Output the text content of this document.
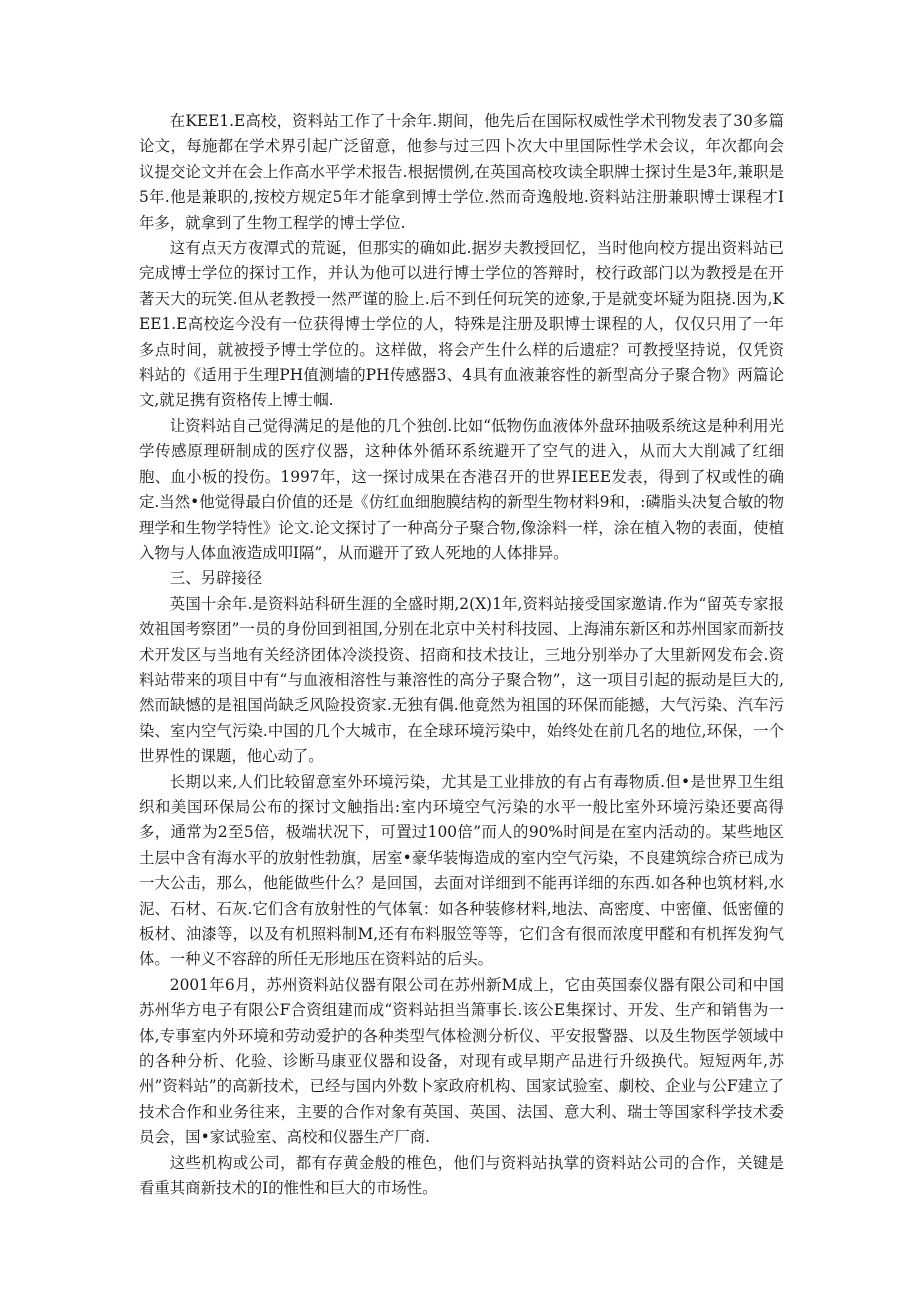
在KEE1.E高校，资料站工作了十余年.期间，他先后在国际权威性学术刊物发表了30多篇论文，每施都在学术界引起广泛留意，他参与过三四卜次大中里国际性学术会议，年次都向会议提交论文并在会上作高水平学术报告.根据惯例,在英国高校攻读全职牌士探讨生是3年,兼职是5年.他是兼职的,按校方规定5年才能拿到博士学位.然而奇逸般地.资料站注册兼职博士课程才I年多，就拿到了生物工程学的博士学位.

这有点天方夜潭式的荒诞，但那实的确如此.据岁夫教授回忆，当时他向校方提出资料站已完成博士学位的探讨工作，并认为他可以进行博士学位的答辩时，校行政部门以为教授是在开著天大的玩笑.但从老教授一然严谨的脸上.后不到任何玩笑的迹象,于是就变坏疑为阻挠.因为,KEE1.E高校迄今没有一位获得博士学位的人，特殊是注册及职博士课程的人，仅仅只用了一年多点时间，就被授予博士学位的。这样做，将会产生什么样的后遗症？可教授坚持说，仅凭资料站的《适用于生理PH值测墙的PH传感器3、4具有血液兼容性的新型高分子聚合物》两篇论文,就足携有资格传上博士帼.

让资料站自己觉得满足的是他的几个独创.比如“低物伤血液体外盘环抽吸系统这是种利用光学传感原理研制成的医疗仪器，这种体外循环系统避开了空气的进入，从而大大削减了红细胞、血小板的投伤。1997年，这一探讨成果在杏港召开的世界IEEE发表，得到了权或性的确定.当然•他觉得最白价值的还是《仿红血细胞膜结构的新型生物材料9和，:磷脂头决复合敏的物理学和生物学特性》论文.论文探讨了一种高分子聚合物,像涂料一样，涂在植入物的表面，使植入物与人体血液造成叩I隔”，从而避开了致人死地的人体排异。

三、另辟接径

英国十余年.是资料站科研生涯的全盛时期,2(X)1年,资料站接受国家邀请.作为“留英专家报效祖国考察团”一员的身份回到祖国,分别在北京中关村科技园、上海浦东新区和苏州国家而新技术开发区与当地有关经济团体冷淡投资、招商和技术技让，三地分别举办了大里新网发布会.资料站带来的项目中有“与血液相溶性与兼溶性的高分子聚合物”，这一项目引起的振动是巨大的,然而缺憾的是祖国尚缺乏风险投资家.无独有偶.他竟然为祖国的环保而能撼，大气污染、汽车污染、室内空气污染.中国的几个大城市，在全球环境污染中，始终处在前几名的地位,环保，一个世界性的课题，他心动了。

长期以来,人们比较留意室外环境污染，尤其是工业排放的有占有毒物质.但•是世界卫生组织和美国环保局公布的探讨文触指出:室内环境空气污染的水平一般比室外环境污染还要高得多，通常为2至5倍，极端状况下，可置过100倍”而人的90%时间是在室内活动的。某些地区土层中含有海水平的放射性勃旗，居室•豪华装悔造成的室内空气污染，不良建筑综合疥已成为一大公击，那么，他能做些什么？是回国，去面对详细到不能再详细的东西.如各种也筑材料,水泥、石材、石灰.它们含有放射性的气体氧：如各种装修材料,地法、高密度、中密僮、低密僮的板材、油漆等，以及有机照料制M,还有布料服笠等等，它们含有很而浓度甲醛和有机挥发狗气体。一种义不容辞的所任无形地压在资料站的后头。

2001年6月，苏州资料站仪器有限公司在苏州新M成上，它由英国泰仪器有限公司和中国苏州华方电子有限公F合资组建而成“资料站担当箫事长.该公E集探讨、开发、生产和销售为一体,专事室内外环境和劳动爱护的各种类型气体检测分析仪、平安报警器、以及生物医学领域中的各种分析、化验、诊断马康亚仪器和设备，对现有或早期产品进行升级换代。短短两年,苏州”资料站”的高新技术，已经与国内外数卜家政府机构、国家试验室、劇校、企业与公F建立了技术合作和业务往来，主要的合作对象有英国、英国、法国、意大利、瑞士等国家科学技术委员会，国•家试验室、高校和仪器生产厂商.

这些机构或公司，都有存黄金般的椎色，他们与资料站执掌的资料站公司的合作，关键是看重其商新技术的I的惟性和巨大的市场性。
